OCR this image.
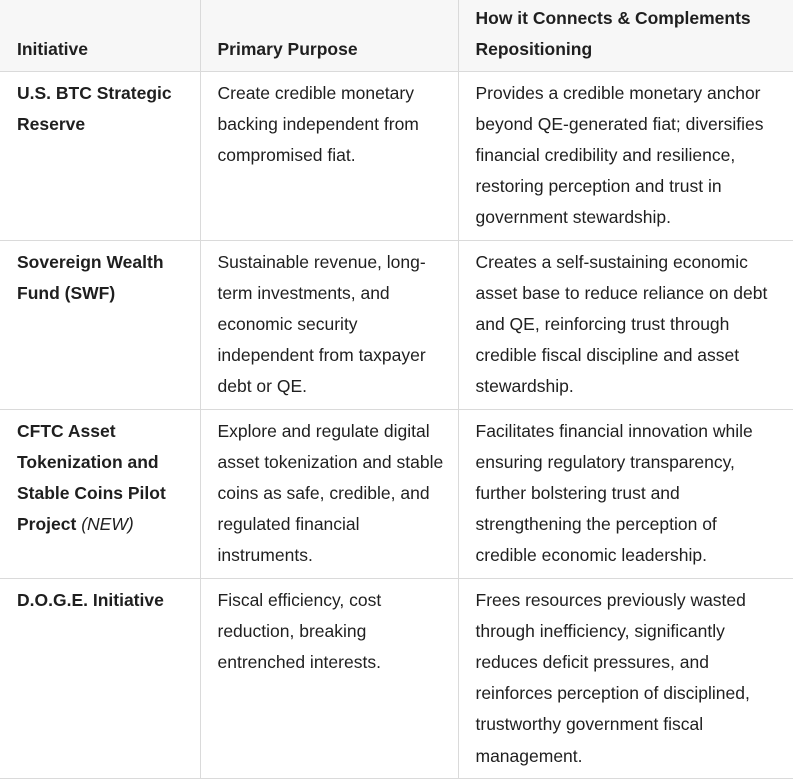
Initiative	Primary Purpose	How it Connects & Complements Repositioning
U.S. BTC Strategic Reserve	Create credible monetary backing independent from compromised fiat.	Provides a credible monetary anchor beyond QE-generated fiat; diversifies financial credibility and resilience, restoring perception and trust in government stewardship.
Sovereign Wealth Fund (SWF)	Sustainable revenue, long-term investments, and economic security independent from taxpayer debt or QE.	Creates a self-sustaining economic asset base to reduce reliance on debt and QE, reinforcing trust through credible fiscal discipline and asset stewardship.
CFTC Asset Tokenization and Stable Coins Pilot Project (NEW)	Explore and regulate digital asset tokenization and stable coins as safe, credible, and regulated financial instruments.	Facilitates financial innovation while ensuring regulatory transparency, further bolstering trust and strengthening the perception of credible economic leadership.
D.O.G.E. Initiative	Fiscal efficiency, cost reduction, breaking entrenched interests.	Frees resources previously wasted through inefficiency, significantly reduces deficit pressures, and reinforces perception of disciplined, trustworthy government fiscal management.
